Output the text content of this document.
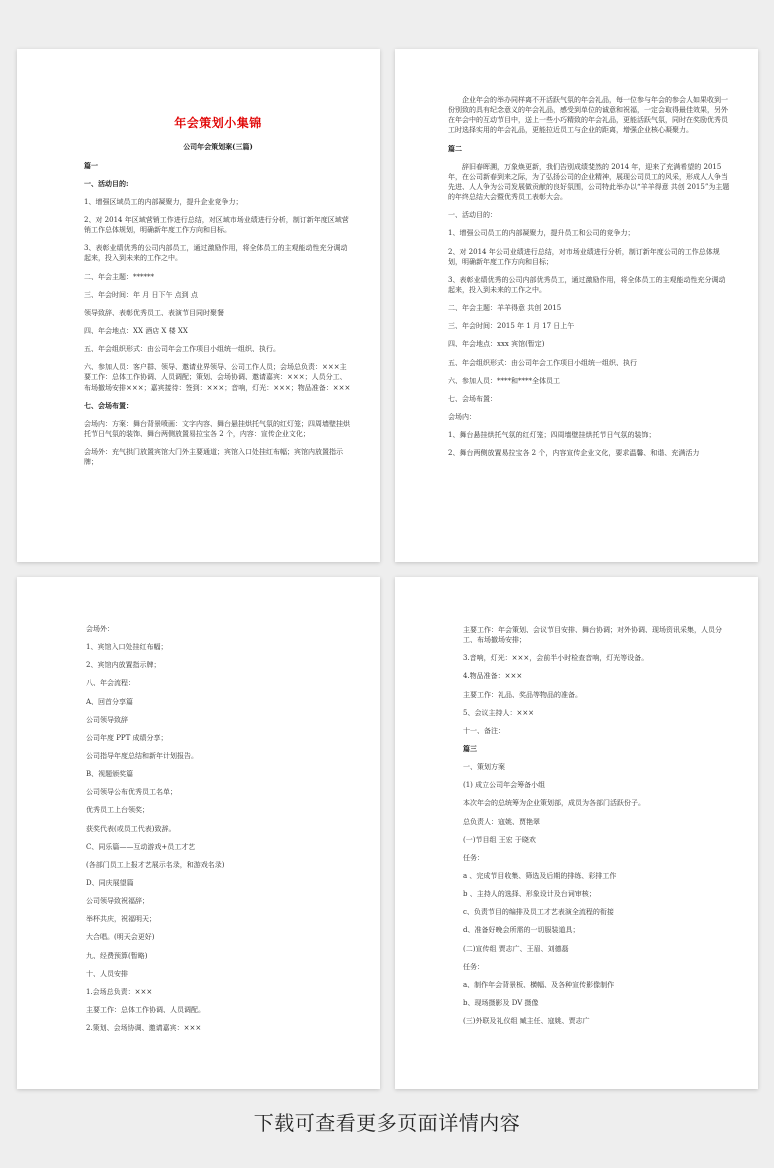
年会策划小集锦
公司年会策划案(三篇)
篇一
一、活动目的:
1、增强区域员工的内部凝聚力，提升企业竞争力；
2、对 2014 年区域营销工作进行总结，对区域市场业绩进行分析，制订新年度区域营销工作总体规划，明确新年度工作方向和目标。
3、表彰业绩优秀的公司内部员工，通过激励作用，将全体员工的主观能动性充分调动起来，投入到未来的工作之中。
二、年会主题：******
三、年会时间：年 月 日下午 点到 点
领导致辞、表彰优秀员工、表演节目同时聚餐
四、年会地点：XX 酒店 X 楼 XX
五、年会组织形式：由公司年会工作项目小组统一组织、执行。
六、参加人员：客户群、领导、邀请业界领导、公司工作人员；会场总负责：×××主要工作：总体工作协调、人员调配；策划、会场协调、邀请嘉宾：×××；人员分工、布场撤场安排×××；嘉宾接待：签到：×××；音响，灯光：×××；物品准备：×××
七、会场布置：
会场内：方案：舞台背景喷画：文字内容、舞台悬挂烘托气氛的红灯笼；四周墙壁挂烘托节日气氛的装饰、舞台两侧放置易拉宝各 2 个，内容：宣传企业文化；
会场外：充气拱门放置宾馆大门外主要通道；宾馆入口处挂红布幅；宾馆内放置指示牌；
企业年会的举办同样离不开活跃气氛的年会礼品，每一位参与年会的参会人如果收到一份别致的具有纪念意义的年会礼品，感受到单位的诚意和祝福，一定会取得最佳效果，另外在年会中的互动节目中，送上一些小巧精致的年会礼品，更能活跃气氛，同时在奖励优秀员工时选择实用的年会礼品，更能拉近员工与企业的距离，增强企业核心凝聚力。
篇二
辞旧春晖溯，万象焕更新，我们告别成绩斐然的 2014 年，迎来了充满希望的 2015 年，在公司新春到来之际，为了弘扬公司的企业精神，展现公司员工的风采，形成人人争当先进、人人争为公司发展做贡献的良好氛围，公司特此举办以“羊羊得意 共创 2015”为主题的年终总结大会暨优秀员工表彰大会。
一、活动目的：
1、增强公司员工的内部凝聚力，提升员工和公司的竞争力；
2、对 2014 年公司业绩进行总结，对市场业绩进行分析，制订新年度公司的工作总体规划，明确新年度工作方向和目标；
3、表彰业绩优秀的公司内部优秀员工，通过激励作用，将全体员工的主观能动性充分调动起来，投入到未来的工作之中。
二、年会主题：羊羊得意 共创 2015
三、年会时间：2015 年 1 月 17 日上午
四、年会地点：xxx 宾馆(暂定)
五、年会组织形式：由公司年会工作项目小组统一组织、执行
六、参加人员：****和****全体员工
七、会场布置：
会场内：
1、舞台悬挂烘托气氛的红灯笼；四周墙壁挂烘托节日气氛的装饰；
2、舞台两侧放置易拉宝各 2 个，内容宣传企业文化，要求温馨、和谐、充满活力
会场外：
1、宾馆入口处挂红布幅；
2、宾馆内放置指示牌；
八、年会流程：
A、回首分享篇
公司领导致辞
公司年度 PPT 成绩分享；
公司指导年度总结和新年计划报告。
B、视题颁奖篇
公司领导公布优秀员工名单；
优秀员工上台领奖；
获奖代表(或员工代表)致辞。
C、同乐篇——互动游戏+员工才艺
(各部门员工上报才艺展示名录，和游戏名录)
D、同庆展望篇
公司领导致祝福辞；
举杯共庆，祝福明天；
大合唱。(明天会更好)
九、经费预算(暂略)
十、人员安排
1.会场总负责：×××
主要工作：总体工作协调、人员调配。
2.策划、会场协调、邀请嘉宾：×××
主要工作：年会策划、会议节目安排、舞台协调；对外协调、现场资讯采集，人员分工、布场撤场安排；
3.音响，灯光：×××，会前半小时检查音响，灯光等设备。
4.物品准备：×××
主要工作：礼品、奖品等物品的准备。
5、会议主持人：×××
十一、备注：
篇三
一、策划方案
(1) 成立公司年会筹备小组
本次年会的总统筹为企业策划部，成员为各部门活跃份子。
总负责人：寇姚、贾艳翠
(一)节目组 王宏 于晓欢
任务：
a 、完成节目收集、筛选及后期的排练、彩排工作
b 、主持人的选择、形象设计及台词审核；
c、负责节目的编排及员工才艺表演全流程的衔接
d、准备好晚会所需的一切服装道具；
(二)宣传组 贾志广、王眉、刘德磊
任务：
a、制作年会背景板、横幅、及各种宣传影像制作
b、现场摄影及 DV 摄像
(三)外联及礼仪组 臧主任、寇姚、贾志广
下载可查看更多页面详情内容
